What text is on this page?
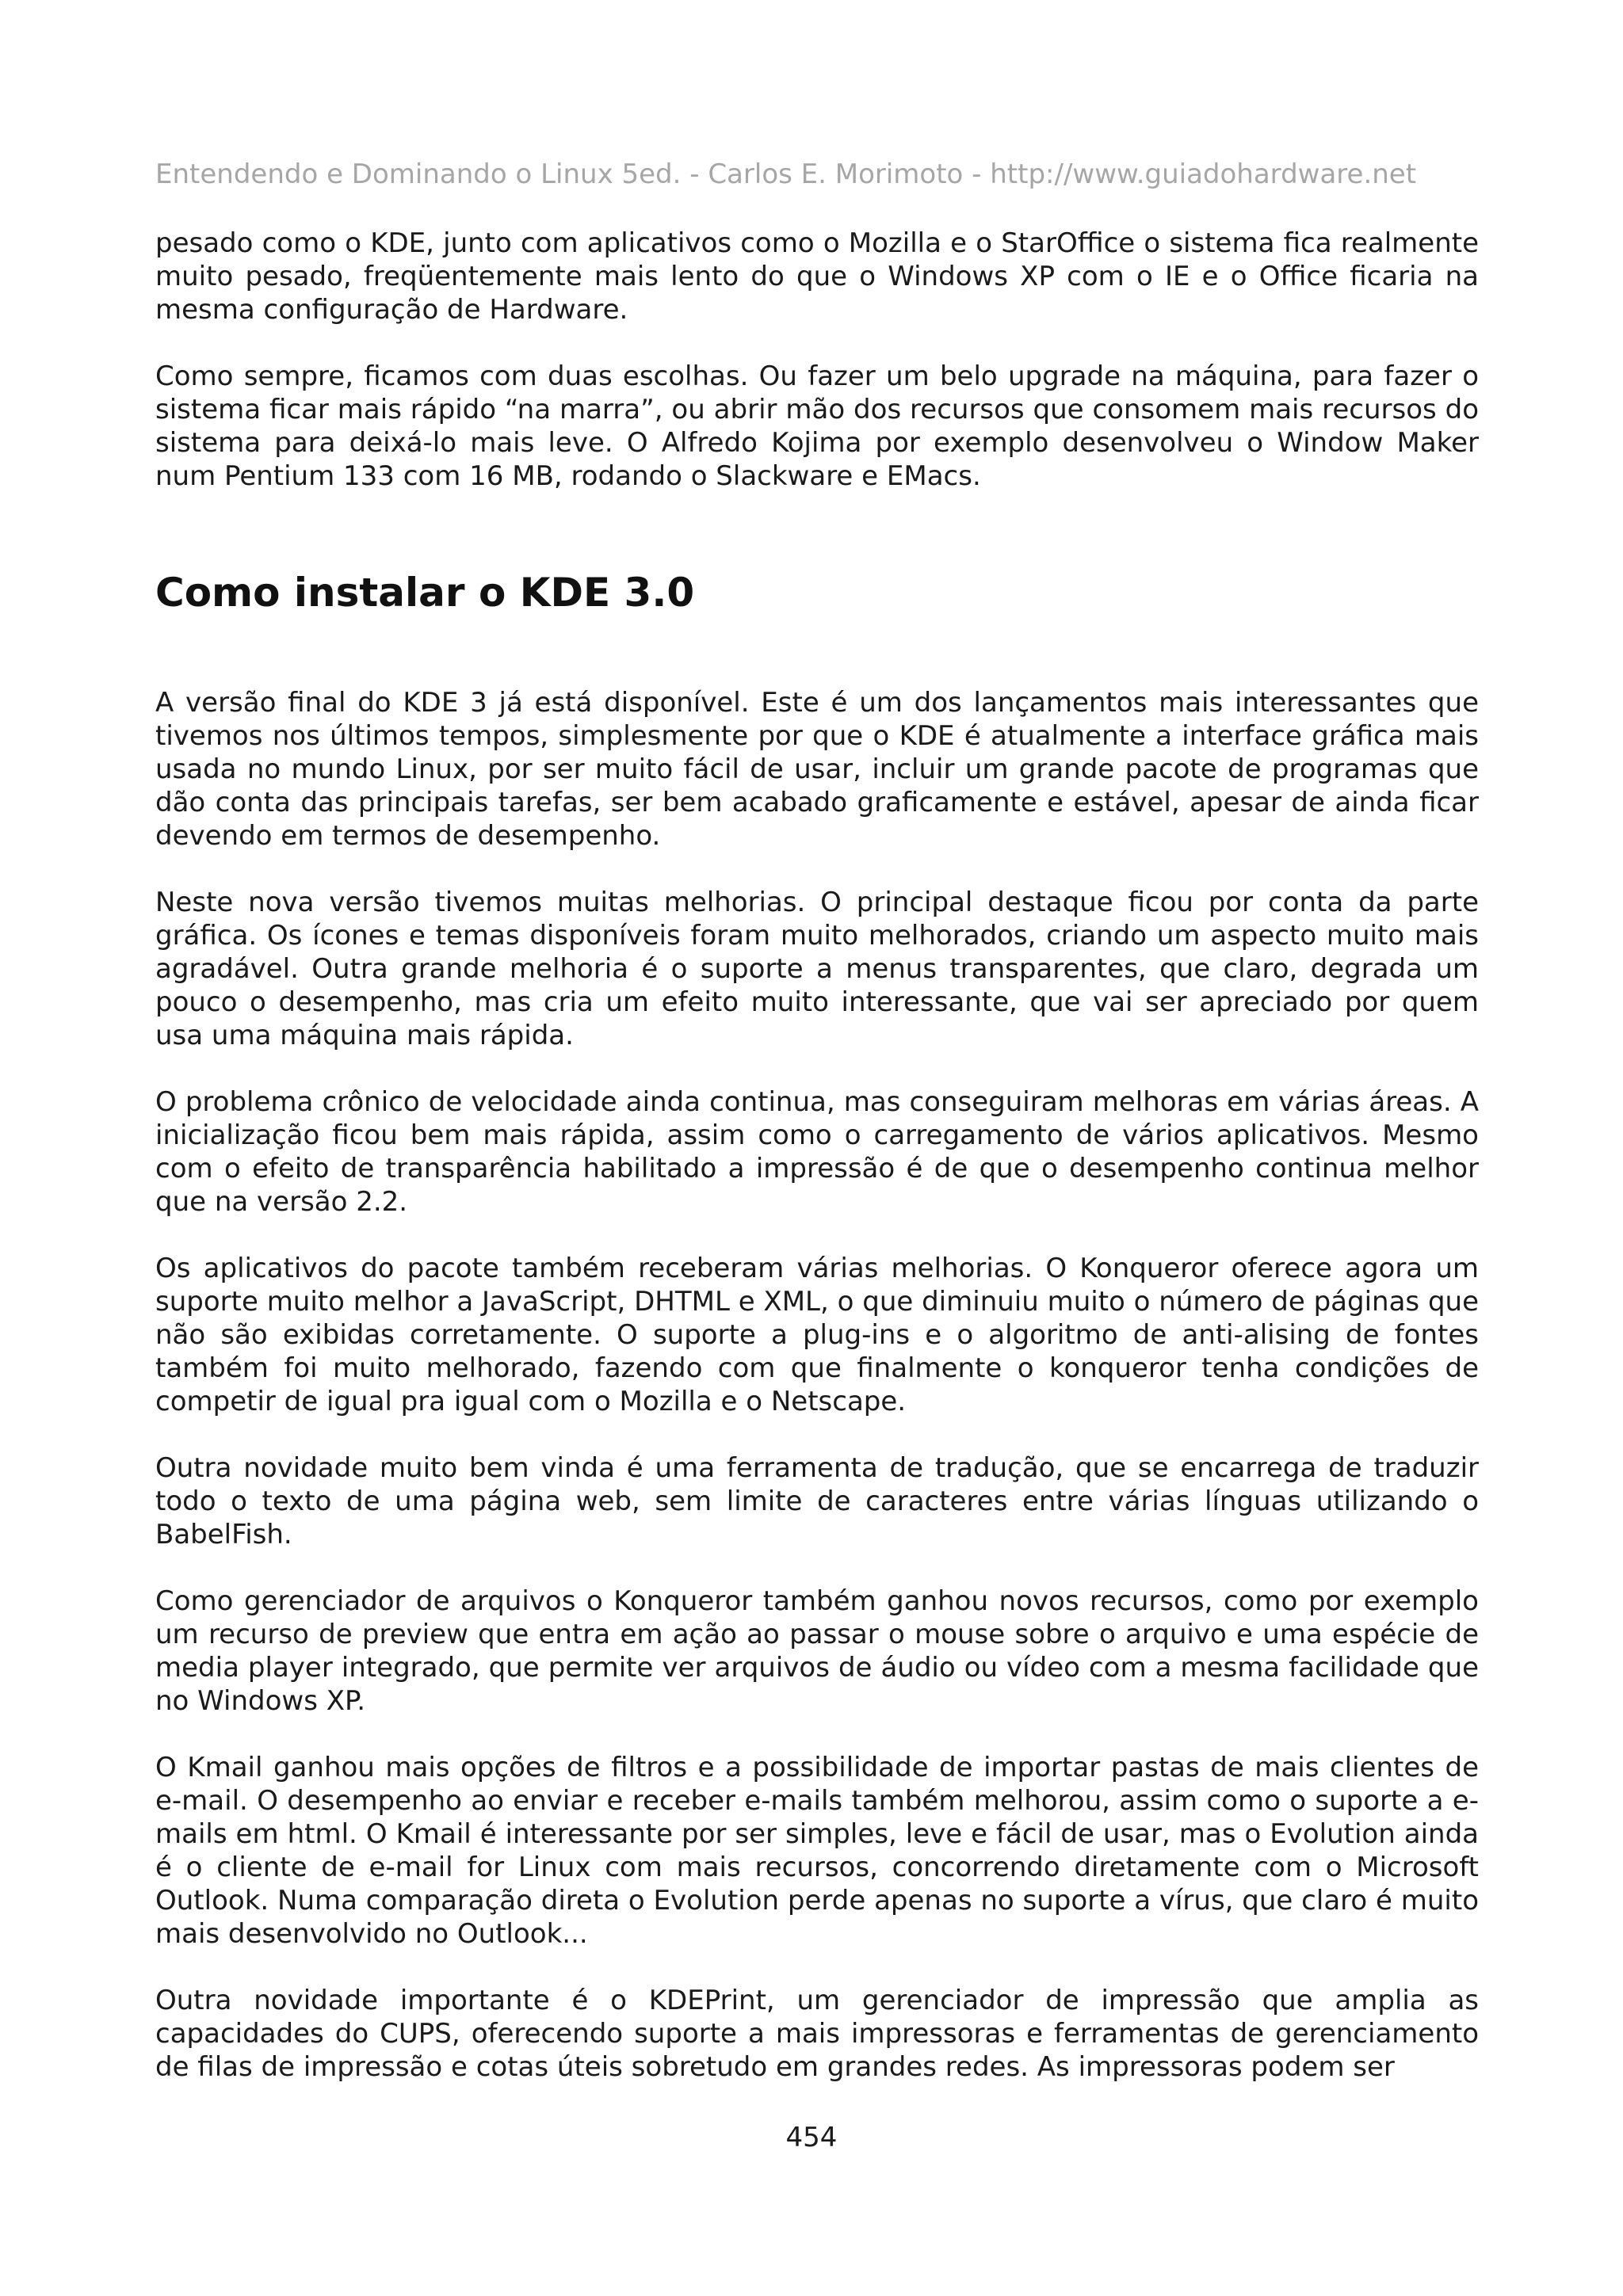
Entendendo e Dominando o Linux 5ed. - Carlos E. Morimoto - http://www.guiadohardware.net

pesado como o KDE, junto com aplicativos como o Mozilla e o StarOffice o sistema fica realmente muito pesado, freqüentemente mais lento do que o Windows XP com o IE e o Office ficaria na mesma configuração de Hardware.

Como sempre, ficamos com duas escolhas. Ou fazer um belo upgrade na máquina, para fazer o sistema ficar mais rápido “na marra”, ou abrir mão dos recursos que consomem mais recursos do sistema para deixá-lo mais leve. O Alfredo Kojima por exemplo desenvolveu o Window Maker num Pentium 133 com 16 MB, rodando o Slackware e EMacs.

Como instalar o KDE 3.0

A versão final do KDE 3 já está disponível. Este é um dos lançamentos mais interessantes que tivemos nos últimos tempos, simplesmente por que o KDE é atualmente a interface gráfica mais usada no mundo Linux, por ser muito fácil de usar, incluir um grande pacote de programas que dão conta das principais tarefas, ser bem acabado graficamente e estável, apesar de ainda ficar devendo em termos de desempenho.

Neste nova versão tivemos muitas melhorias. O principal destaque ficou por conta da parte gráfica. Os ícones e temas disponíveis foram muito melhorados, criando um aspecto muito mais agradável. Outra grande melhoria é o suporte a menus transparentes, que claro, degrada um pouco o desempenho, mas cria um efeito muito interessante, que vai ser apreciado por quem usa uma máquina mais rápida.

O problema crônico de velocidade ainda continua, mas conseguiram melhoras em várias áreas. A inicialização ficou bem mais rápida, assim como o carregamento de vários aplicativos. Mesmo com o efeito de transparência habilitado a impressão é de que o desempenho continua melhor que na versão 2.2.

Os aplicativos do pacote também receberam várias melhorias. O Konqueror oferece agora um suporte muito melhor a JavaScript, DHTML e XML, o que diminuiu muito o número de páginas que não são exibidas corretamente. O suporte a plug-ins e o algoritmo de anti-alising de fontes também foi muito melhorado, fazendo com que finalmente o konqueror tenha condições de competir de igual pra igual com o Mozilla e o Netscape.

Outra novidade muito bem vinda é uma ferramenta de tradução, que se encarrega de traduzir todo o texto de uma página web, sem limite de caracteres entre várias línguas utilizando o BabelFish.

Como gerenciador de arquivos o Konqueror também ganhou novos recursos, como por exemplo um recurso de preview que entra em ação ao passar o mouse sobre o arquivo e uma espécie de media player integrado, que permite ver arquivos de áudio ou vídeo com a mesma facilidade que no Windows XP.

O Kmail ganhou mais opções de filtros e a possibilidade de importar pastas de mais clientes de e-mail. O desempenho ao enviar e receber e-mails também melhorou, assim como o suporte a e-mails em html. O Kmail é interessante por ser simples, leve e fácil de usar, mas o Evolution ainda é o cliente de e-mail for Linux com mais recursos, concorrendo diretamente com o Microsoft Outlook. Numa comparação direta o Evolution perde apenas no suporte a vírus, que claro é muito mais desenvolvido no Outlook...

Outra novidade importante é o KDEPrint, um gerenciador de impressão que amplia as capacidades do CUPS, oferecendo suporte a mais impressoras e ferramentas de gerenciamento de filas de impressão e cotas úteis sobretudo em grandes redes. As impressoras podem ser

454
